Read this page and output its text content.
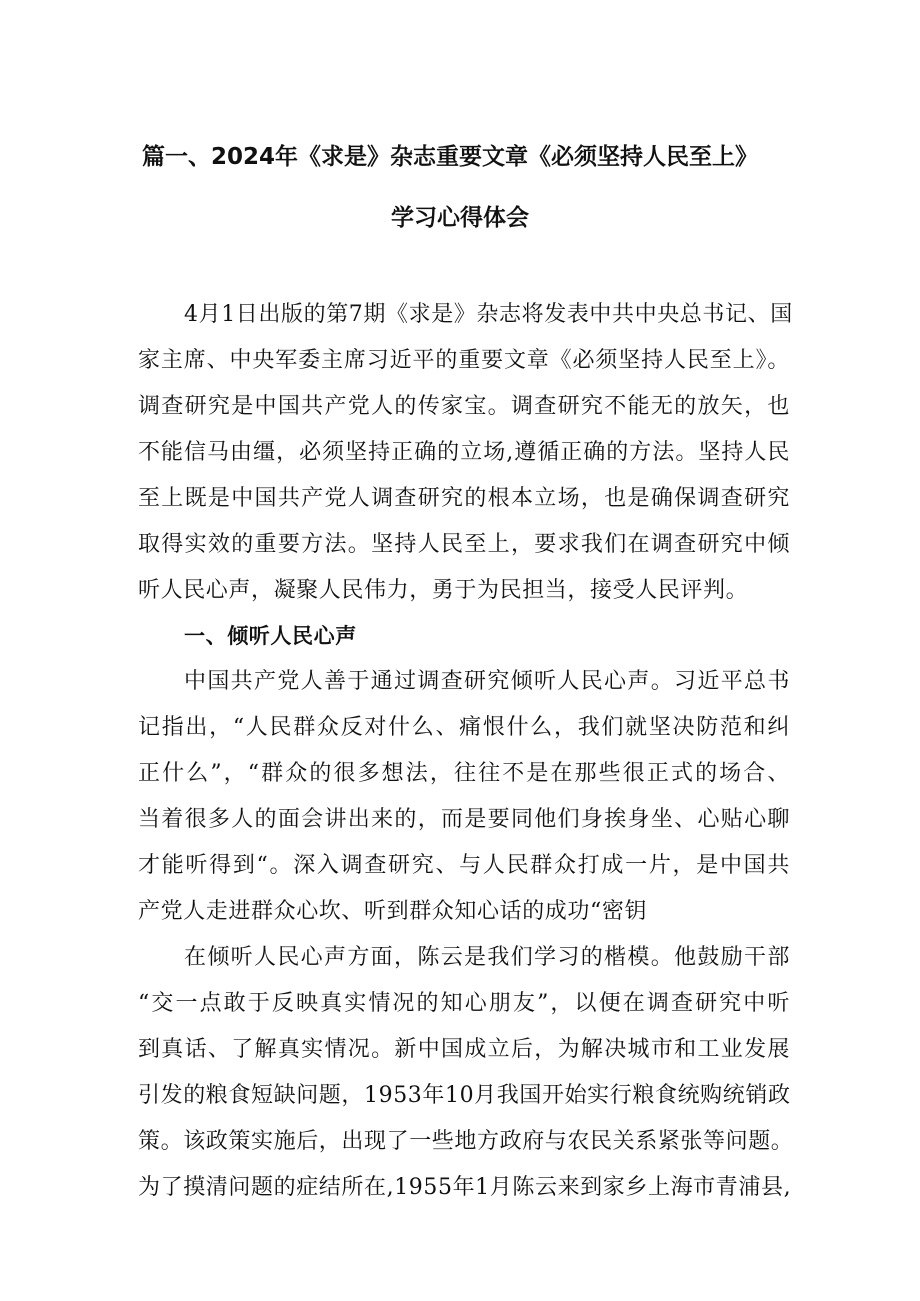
篇一、2024年《求是》杂志重要文章《必须坚持人民至上》
学习心得体会
4月1日出版的第7期《求是》杂志将发表中共中央总书记、国
家主席、中央军委主席习近平的重要文章《必须坚持人民至上》。
调查研究是中国共产党人的传家宝。调查研究不能无的放矢，也
不能信马由缰，必须坚持正确的立场,遵循正确的方法。坚持人民
至上既是中国共产党人调查研究的根本立场，也是确保调查研究
取得实效的重要方法。坚持人民至上，要求我们在调查研究中倾
听人民心声，凝聚人民伟力，勇于为民担当，接受人民评判。
一、倾听人民心声
中国共产党人善于通过调查研究倾听人民心声。习近平总书
记指出，“人民群众反对什么、痛恨什么，我们就坚决防范和纠
正什么”，“群众的很多想法，往往不是在那些很正式的场合、
当着很多人的面会讲出来的，而是要同他们身挨身坐、心贴心聊
才能听得到“。深入调查研究、与人民群众打成一片，是中国共
产党人走进群众心坎、听到群众知心话的成功“密钥
在倾听人民心声方面，陈云是我们学习的楷模。他鼓励干部
“交一点敢于反映真实情况的知心朋友”，以便在调查研究中听
到真话、了解真实情况。新中国成立后，为解决城市和工业发展
引发的粮食短缺问题，1953年10月我国开始实行粮食统购统销政
策。该政策实施后，出现了一些地方政府与农民关系紧张等问题。
为了摸清问题的症结所在,1955年1月陈云来到家乡上海市青浦县,
